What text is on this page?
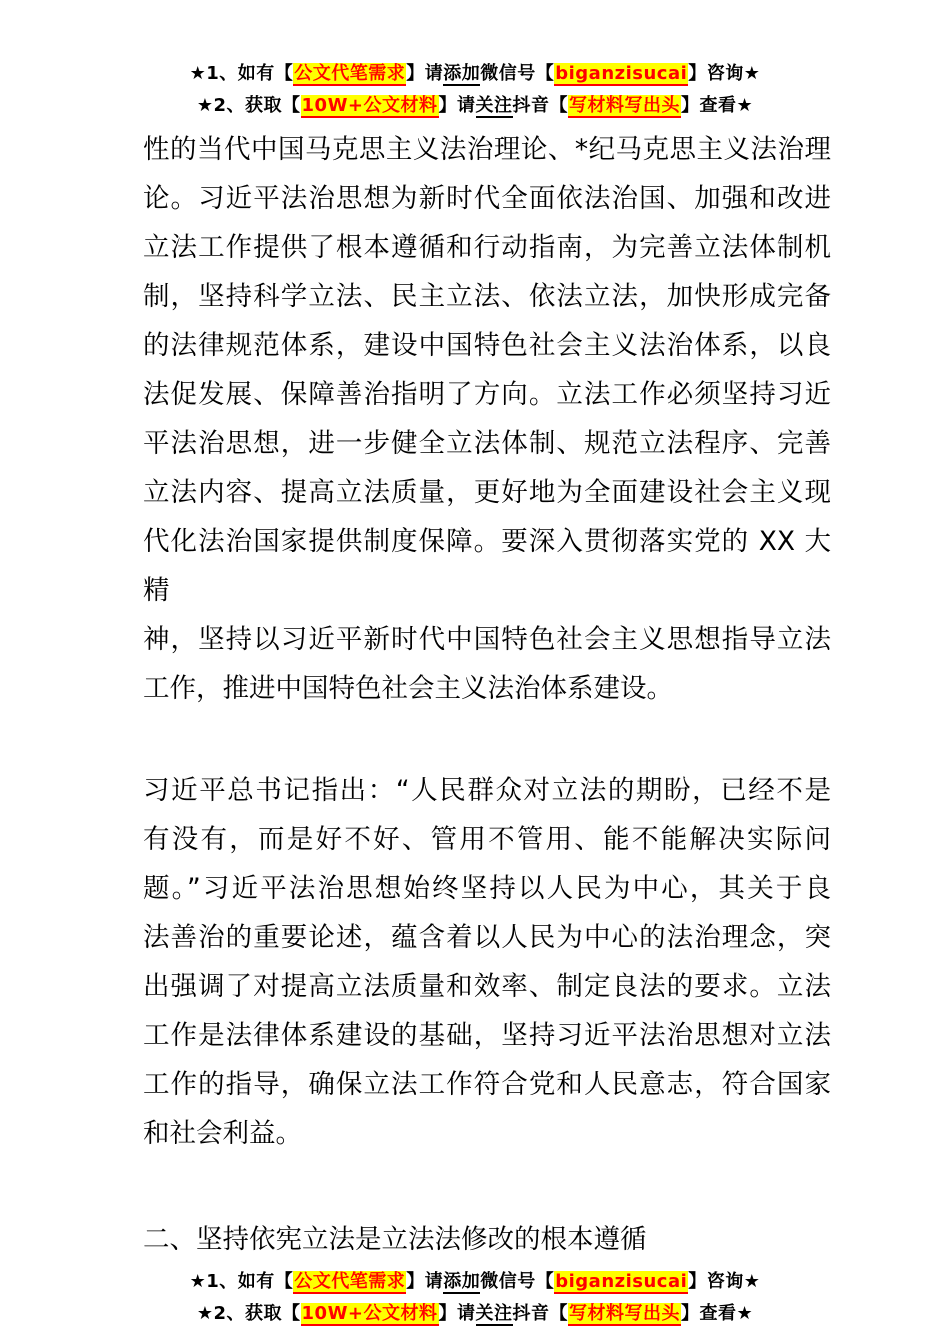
★1、如有【公文代笔需求】请添加微信号【biganzisucai】咨询★
★2、获取【10W+公文材料】请关注抖音【写材料写出头】查看★
性的当代中国马克思主义法治理论、*纪马克思主义法治理
论。习近平法治思想为新时代全面依法治国、加强和改进
立法工作提供了根本遵循和行动指南，为完善立法体制机
制，坚持科学立法、民主立法、依法立法，加快形成完备
的法律规范体系，建设中国特色社会主义法治体系，以良
法促发展、保障善治指明了方向。立法工作必须坚持习近
平法治思想，进一步健全立法体制、规范立法程序、完善
立法内容、提高立法质量，更好地为全面建设社会主义现
代化法治国家提供制度保障。要深入贯彻落实党的 XX 大精
神，坚持以习近平新时代中国特色社会主义思想指导立法
工作，推进中国特色社会主义法治体系建设。
习近平总书记指出：“人民群众对立法的期盼，已经不是
有没有，而是好不好、管用不管用、能不能解决实际问
题。”习近平法治思想始终坚持以人民为中心，其关于良
法善治的重要论述，蕴含着以人民为中心的法治理念，突
出强调了对提高立法质量和效率、制定良法的要求。立法
工作是法律体系建设的基础，坚持习近平法治思想对立法
工作的指导，确保立法工作符合党和人民意志，符合国家
和社会利益。
二、坚持依宪立法是立法法修改的根本遵循
★1、如有【公文代笔需求】请添加微信号【biganzisucai】咨询★
★2、获取【10W+公文材料】请关注抖音【写材料写出头】查看★
